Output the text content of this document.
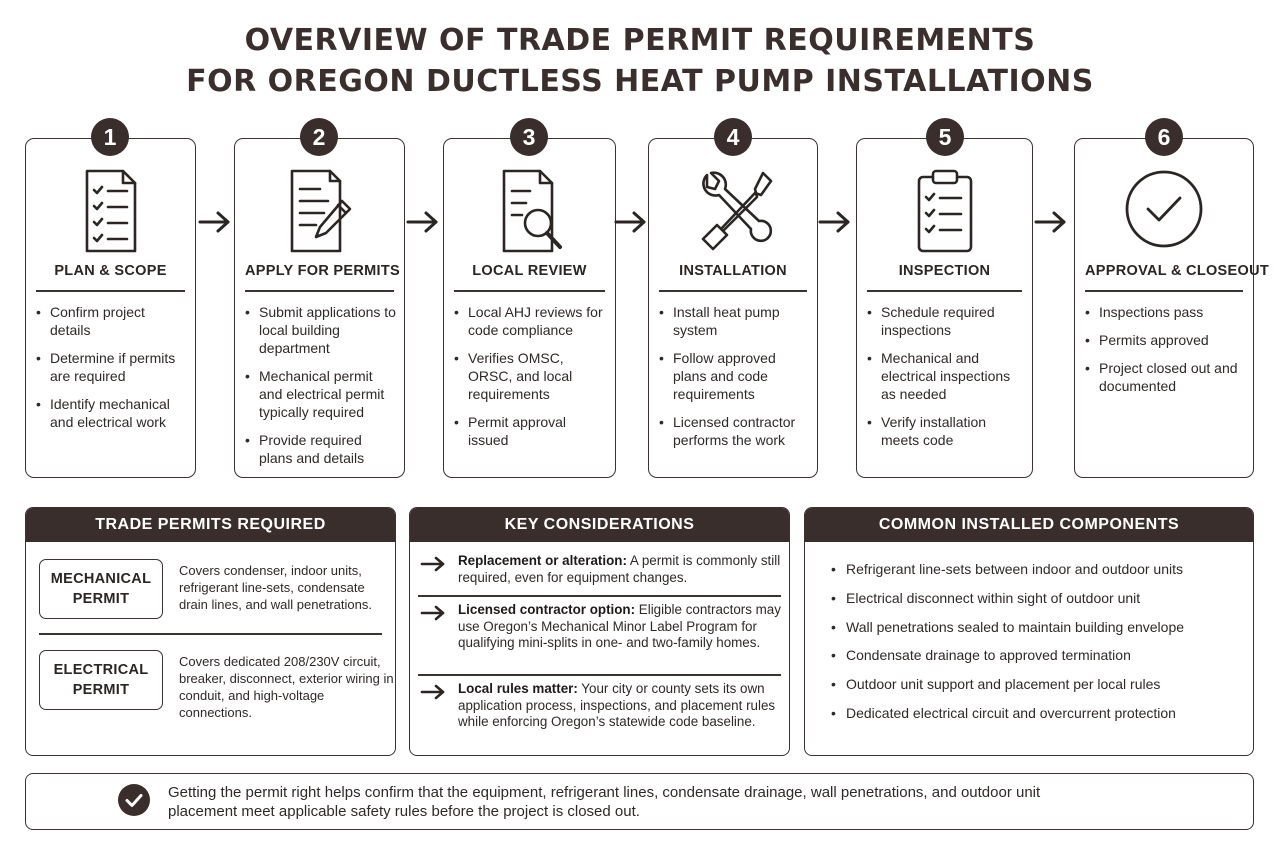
OVERVIEW OF TRADE PERMIT REQUIREMENTS
FOR OREGON DUCTLESS HEAT PUMP INSTALLATIONS
PLAN & SCOPE
• Confirm project details
• Determine if permits are required
• Identify mechanical and electrical work
1
APPLY FOR PERMITS
• Submit applications to local building department
• Mechanical permit and electrical permit typically required
• Provide required plans and details
2
LOCAL REVIEW
• Local AHJ reviews for code compliance
• Verifies OMSC, ORSC, and local requirements
• Permit approval issued
3
INSTALLATION
• Install heat pump system
• Follow approved plans and code requirements
• Licensed contractor performs the work
4
INSPECTION
• Schedule required inspections
• Mechanical and electrical inspections as needed
• Verify installation meets code
5
APPROVAL & CLOSEOUT
• Inspections pass
• Permits approved
• Project closed out and documented
6
TRADE PERMITS REQUIRED
MECHANICAL
PERMIT
Covers condenser, indoor units, refrigerant line-sets, condensate drain lines, and wall penetrations.
ELECTRICAL
PERMIT
Covers dedicated 208/230V circuit, breaker, disconnect, exterior wiring in conduit, and high-voltage connections.
KEY CONSIDERATIONS
Replacement or alteration: A permit is commonly still required, even for equipment changes.
Licensed contractor option: Eligible contractors may use Oregon’s Mechanical Minor Label Program for qualifying mini-splits in one- and two-family homes.
Local rules matter: Your city or county sets its own application process, inspections, and placement rules while enforcing Oregon’s statewide code baseline.
COMMON INSTALLED COMPONENTS
• Refrigerant line-sets between indoor and outdoor units
• Electrical disconnect within sight of outdoor unit
• Wall penetrations sealed to maintain building envelope
• Condensate drainage to approved termination
• Outdoor unit support and placement per local rules
• Dedicated electrical circuit and overcurrent protection
Getting the permit right helps confirm that the equipment, refrigerant lines, condensate drainage, wall penetrations, and outdoor unit placement meet applicable safety rules before the project is closed out.
